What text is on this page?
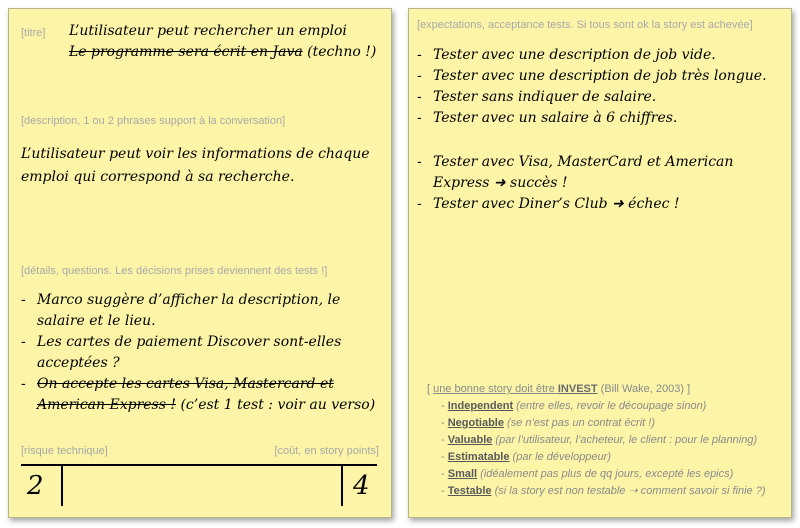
[titre] L’utilisateur peut rechercher un emploi
Le programme sera écrit en Java (techno !)
[description, 1 ou 2 phrases support à la conversation]
L’utilisateur peut voir les informations de chaque emploi qui correspond à sa recherche.
[détails, questions. Les décisions prises deviennent des tests !]
- Marco suggère d’afficher la description, le salaire et le lieu.
- Les cartes de paiement Discover sont-elles acceptées ?
- On accepte les cartes Visa, Mastercard et American Express ! (c’est 1 test : voir au verso)
[risque technique]	[coût, en story points]
2	4
[expectations, acceptance tests. Si tous sont ok la story est achevée]
- Tester avec une description de job vide.
- Tester avec une description de job très longue.
- Tester sans indiquer de salaire.
- Tester avec un salaire à 6 chiffres.
- Tester avec Visa, MasterCard et American Express ➜ succès !
- Tester avec Diner’s Club ➜ échec !
[ une bonne story doit être INVEST (Bill Wake, 2003) ]
- Independent (entre elles, revoir le découpage sinon)
- Negotiable (se n’est pas un contrat écrit !)
- Valuable (par l’utilisateur, l’acheteur, le client : pour le planning)
- Estimatable (par le développeur)
- Small (idéalement pas plus de qq jours, excepté les epics)
- Testable (si la story est non testable ➝ comment savoir si finie ?)
